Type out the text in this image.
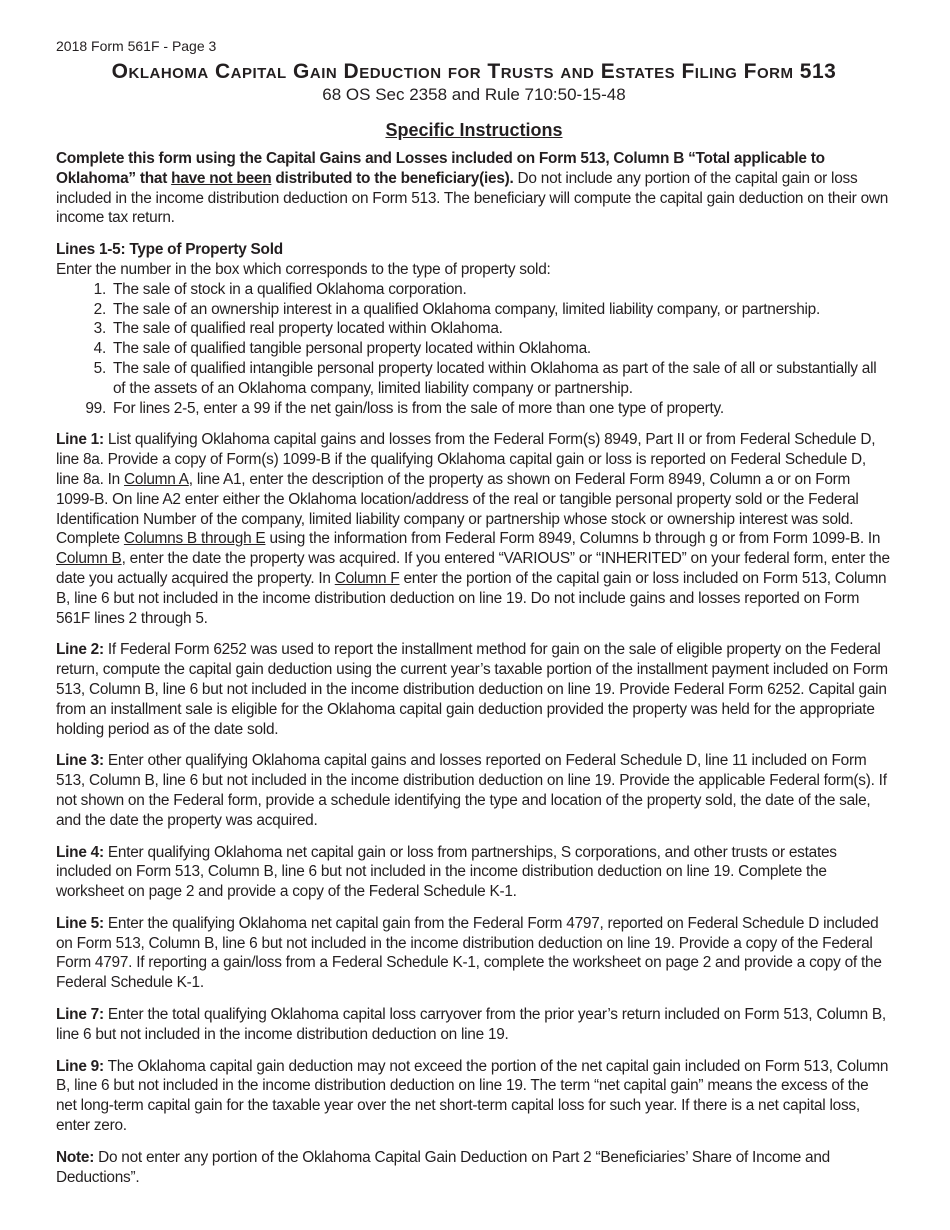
2018 Form 561F - Page 3
Oklahoma Capital Gain Deduction for Trusts and Estates Filing Form 513
68 OS Sec 2358 and Rule 710:50-15-48
Specific Instructions

Complete this form using the Capital Gains and Losses included on Form 513, Column B “Total applicable to Oklahoma” that have not been distributed to the beneficiary(ies). Do not include any portion of the capital gain or loss included in the income distribution deduction on Form 513. The beneficiary will compute the capital gain deduction on their own income tax return.

Lines 1-5: Type of Property Sold

Enter the number in the box which corresponds to the type of property sold:

1. The sale of stock in a qualified Oklahoma corporation.
2. The sale of an ownership interest in a qualified Oklahoma company, limited liability company, or partnership.
3. The sale of qualified real property located within Oklahoma.
4. The sale of qualified tangible personal property located within Oklahoma.
5. The sale of qualified intangible personal property located within Oklahoma as part of the sale of all or substantially all of the assets of an Oklahoma company, limited liability company or partnership.
99. For lines 2-5, enter a 99 if the net gain/loss is from the sale of more than one type of property.

Line 1: List qualifying Oklahoma capital gains and losses from the Federal Form(s) 8949, Part II or from Federal Schedule D, line 8a. Provide a copy of Form(s) 1099-B if the qualifying Oklahoma capital gain or loss is reported on Federal Schedule D, line 8a. In Column A, line A1, enter the description of the property as shown on Federal Form 8949, Column a or on Form 1099-B. On line A2 enter either the Oklahoma location/address of the real or tangible personal property sold or the Federal Identification Number of the company, limited liability company or partnership whose stock or ownership interest was sold. Complete Columns B through E using the information from Federal Form 8949, Columns b through g or from Form 1099-B. In Column B, enter the date the property was acquired. If you entered “VARIOUS” or “INHERITED” on your federal form, enter the date you actually acquired the property. In Column F enter the portion of the capital gain or loss included on Form 513, Column B, line 6 but not included in the income distribution deduction on line 19. Do not include gains and losses reported on Form 561F lines 2 through 5.

Line 2: If Federal Form 6252 was used to report the installment method for gain on the sale of eligible property on the Federal return, compute the capital gain deduction using the current year’s taxable portion of the installment payment included on Form 513, Column B, line 6 but not included in the income distribution deduction on line 19. Provide Federal Form 6252. Capital gain from an installment sale is eligible for the Oklahoma capital gain deduction provided the property was held for the appropriate holding period as of the date sold.

Line 3: Enter other qualifying Oklahoma capital gains and losses reported on Federal Schedule D, line 11 included on Form 513, Column B, line 6 but not included in the income distribution deduction on line 19. Provide the applicable Federal form(s). If not shown on the Federal form, provide a schedule identifying the type and location of the property sold, the date of the sale, and the date the property was acquired.

Line 4: Enter qualifying Oklahoma net capital gain or loss from partnerships, S corporations, and other trusts or estates included on Form 513, Column B, line 6 but not included in the income distribution deduction on line 19. Complete the worksheet on page 2 and provide a copy of the Federal Schedule K-1.

Line 5: Enter the qualifying Oklahoma net capital gain from the Federal Form 4797, reported on Federal Schedule D included on Form 513, Column B, line 6 but not included in the income distribution deduction on line 19. Provide a copy of the Federal Form 4797. If reporting a gain/loss from a Federal Schedule K-1, complete the worksheet on page 2 and provide a copy of the Federal Schedule K-1.

Line 7: Enter the total qualifying Oklahoma capital loss carryover from the prior year’s return included on Form 513, Column B, line 6 but not included in the income distribution deduction on line 19.

Line 9: The Oklahoma capital gain deduction may not exceed the portion of the net capital gain included on Form 513, Column B, line 6 but not included in the income distribution deduction on line 19. The term “net capital gain” means the excess of the net long-term capital gain for the taxable year over the net short-term capital loss for such year. If there is a net capital loss, enter zero.

Note: Do not enter any portion of the Oklahoma Capital Gain Deduction on Part 2 “Beneficiaries’ Share of Income and Deductions”.
